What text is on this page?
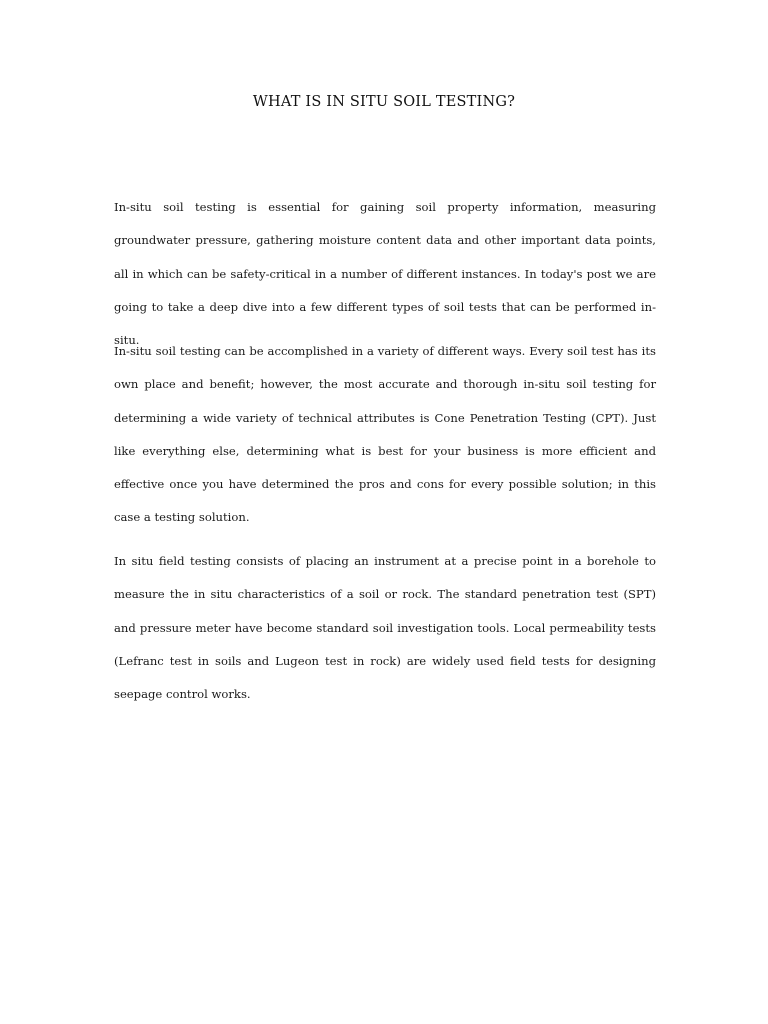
WHAT IS IN SITU SOIL TESTING?

In-situ soil testing is essential for gaining soil property information, measuring groundwater pressure, gathering moisture content data and other important data points, all in which can be safety-critical in a number of different instances. In today's post we are going to take a deep dive into a few different types of soil tests that can be performed in-situ.

In-situ soil testing can be accomplished in a variety of different ways. Every soil test has its own place and benefit; however, the most accurate and thorough in-situ soil testing for determining a wide variety of technical attributes is Cone Penetration Testing (CPT). Just like everything else, determining what is best for your business is more efficient and effective once you have determined the pros and cons for every possible solution; in this case a testing solution.

In situ field testing consists of placing an instrument at a precise point in a borehole to measure the in situ characteristics of a soil or rock. The standard penetration test (SPT) and pressure meter have become standard soil investigation tools. Local permeability tests (Lefranc test in soils and Lugeon test in rock) are widely used field tests for designing seepage control works.
